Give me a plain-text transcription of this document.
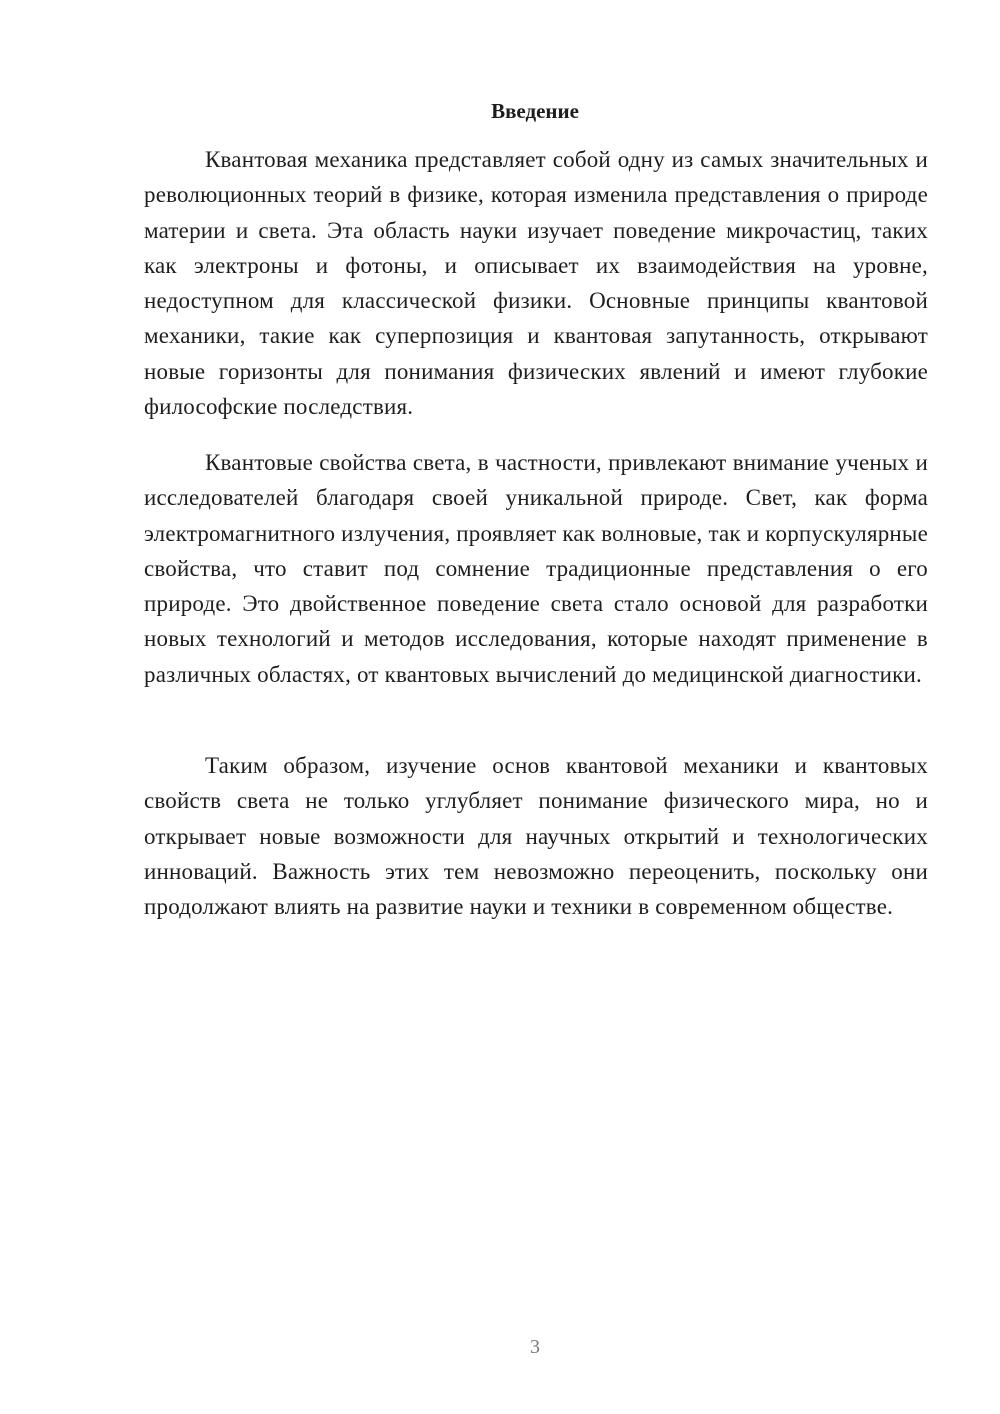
Введение

Квантовая механика представляет собой одну из самых значительных и революционных теорий в физике, которая изменила представления о природе материи и света. Эта область науки изучает поведение микрочастиц, таких как электроны и фотоны, и описывает их взаимодействия на уровне, недоступном для классической физики. Основные принципы квантовой механики, такие как суперпозиция и квантовая запутанность, открывают новые горизонты для понимания физических явлений и имеют глубокие философские последствия.

Квантовые свойства света, в частности, привлекают внимание ученых и исследователей благодаря своей уникальной природе. Свет, как форма электромагнитного излучения, проявляет как волновые, так и корпускулярные свойства, что ставит под сомнение традиционные представления о его природе. Это двойственное поведение света стало основой для разработки новых технологий и методов исследования, которые находят применение в различных областях, от квантовых вычислений до медицинской диагностики.

Таким образом, изучение основ квантовой механики и квантовых свойств света не только углубляет понимание физического мира, но и открывает новые возможности для научных открытий и технологических инноваций. Важность этих тем невозможно переоценить, поскольку они продолжают влиять на развитие науки и техники в современном обществе.

3
